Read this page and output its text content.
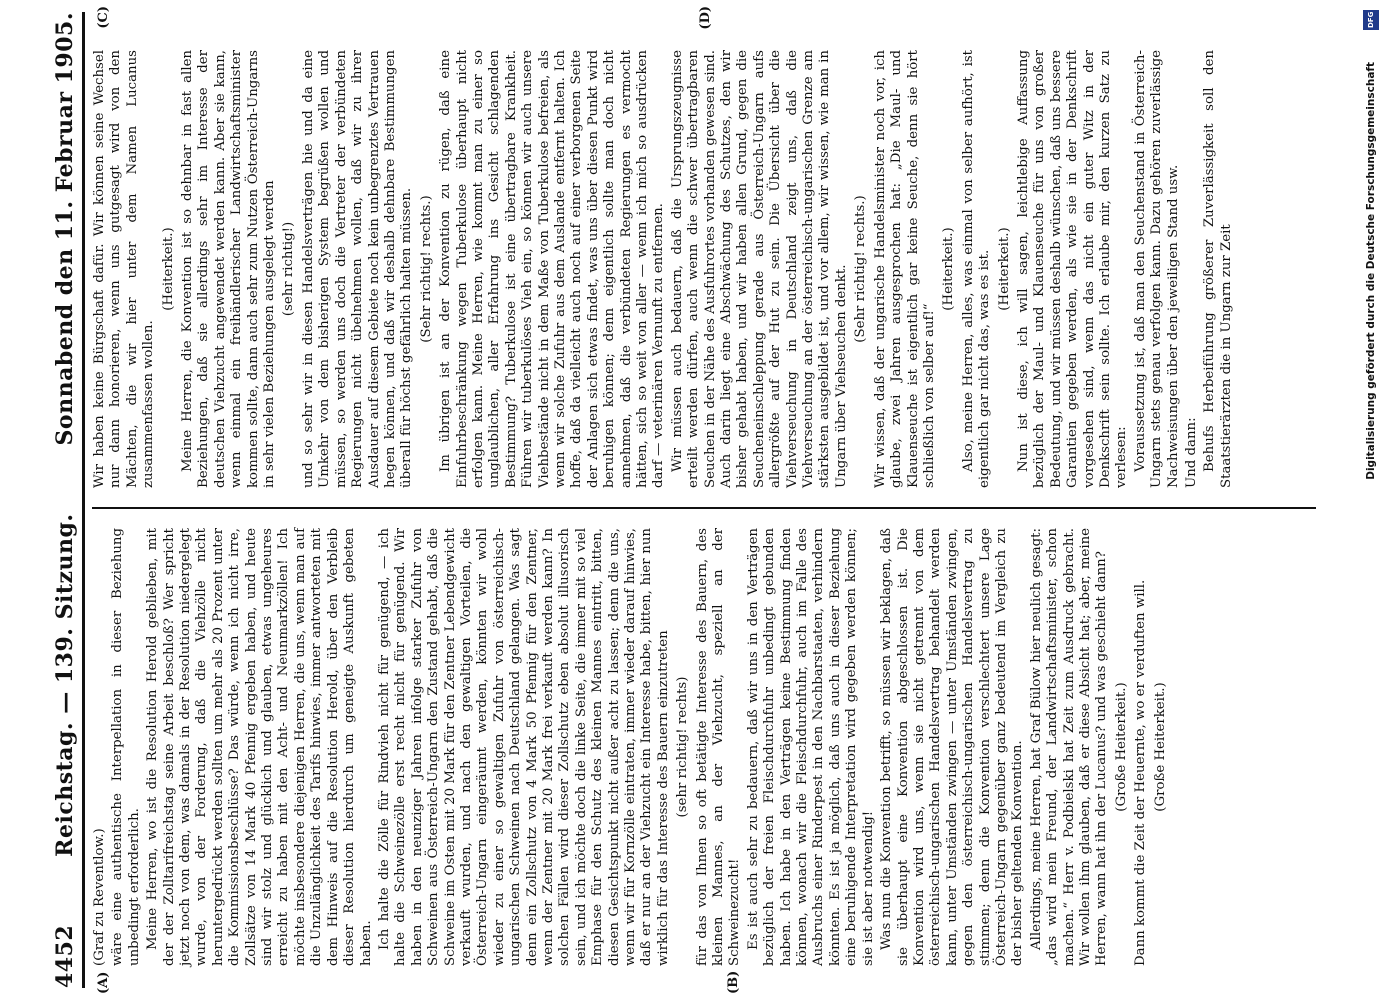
4452
Reichstag. — 139. Sitzung.
Sonnabend den 11. Februar 1905.
(A)	(B)
(C)	(D)

(Graf zu Reventlow.) wäre eine authentische Interpellation in dieser Beziehung unbedingt erforderlich. Meine Herren, wo ist die Resolution Herold geblieben, mit der der Zolltarifreichstag seine Arbeit beschloß? Wer spricht jetzt noch von dem, was damals in der Resolution niedergelegt wurde, von der Forderung, daß die Viehzölle nicht heruntergedrückt werden sollten um mehr als 20 Prozent unter die Kommissionsbeschlüsse? Das würde, wenn ich nicht irre, Zollsätze von 14 Mark 40 Pfennig ergeben haben, und heute sind wir stolz und glücklich und glauben, etwas ungeheures erreicht zu haben mit den Acht- und Neunmarkzöllen! Ich möchte insbesondere diejenigen Herren, die uns, wenn man auf die Unzulänglichkeit des Tarifs hinwies, immer antworteten mit dem Hinweis auf die Resolution Herold, über den Verbleib dieser Resolution hierdurch um geneigte Auskunft gebeten haben. Ich halte die Zölle für Rindvieh nicht für genügend, — ich halte die Schweinezölle erst recht nicht für genügend. Wir haben in den neunziger Jahren infolge starker Zufuhr von Schweinen aus Österreich-Ungarn den Zustand gehabt, daß die Schweine im Osten mit 20 Mark für den Zentner Lebendgewicht verkauft wurden, und nach den gewaltigen Vorteilen, die Österreich-Ungarn eingeräumt werden, könnten wir wohl wieder zu einer so gewaltigen Zufuhr von österreichisch-ungarischen Schweinen nach Deutschland gelangen. Was sagt denn ein Zollschutz von 4 Mark 50 Pfennig für den Zentner, wenn der Zentner mit 20 Mark frei verkauft werden kann? In solchen Fällen wird dieser Zollschutz eben absolut illusorisch sein, und ich möchte doch die linke Seite, die immer mit so viel Emphase für den Schutz des kleinen Mannes eintritt, bitten, diesen Gesichtspunkt nicht außer acht zu lassen; denn die uns, wenn wir für Kornzölle eintraten, immer wieder darauf hinwies, daß er nur an der Viehzucht ein Interesse habe, bitten, hier nun wirklich für das Interesse des Bauern einzutreten (sehr richtig! rechts) für das von Ihnen so oft betätigte Interesse des Bauern, des kleinen Mannes, an der Viehzucht, speziell an der Schweinezucht! Es ist auch sehr zu bedauern, daß wir uns in den Verträgen bezüglich der freien Fleischdurchfuhr unbedingt gebunden haben. Ich habe in den Verträgen keine Bestimmung finden können, wonach wir die Fleischdurchfuhr, auch im Falle des Ausbruchs einer Rinderpest in den Nachbarstaaten, verhindern könnten. Es ist ja möglich, daß uns auch in dieser Beziehung eine beruhigende Interpretation wird gegeben werden können; sie ist aber notwendig! Was nun die Konvention betrifft, so müssen wir beklagen, daß sie überhaupt eine Konvention abgeschlossen ist. Die Konvention wird uns, wenn sie nicht getrennt von dem österreichisch-ungarischen Handelsvertrag behandelt werden kann, unter Umständen zwingen — unter Umständen zwingen, gegen den österreichisch-ungarischen Handelsvertrag zu stimmen; denn die Konvention verschlechtert unsere Lage Österreich-Ungarn gegenüber ganz bedeutend im Vergleich zu der bisher geltenden Konvention. Allerdings, meine Herren, hat Graf Bülow hier neulich gesagt: „das wird mein Freund, der Landwirtschaftsminister, schon machen.“ Herr v. Podbielski hat Zeit zum Ausdruck gebracht. Wir wollen ihm glauben, daß er diese Absicht hat; aber, meine Herren, wann hat ihn der Lucanus? und was geschieht dann? (Große Heiterkeit.) Dann kommt die Zeit der Heuernte, wo er verduften will. (Große Heiterkeit.)

Wir haben keine Bürgschaft dafür. Wir können seine Wechsel nur dann honorieren, wenn uns gutgesagt wird von den Mächten, die wir hier unter dem Namen Lucanus zusammenfassen wollen.

(Heiterkeit.) Meine Herren, die Konvention ist so dehnbar in fast allen Beziehungen, daß sie allerdings sehr im Interesse der deutschen Viehzucht angewendet werden kann. Aber sie kann, wenn einmal ein freihändlerischer Landwirtschaftsminister kommen sollte, dann auch sehr zum Nutzen Österreich-Ungarns in sehr vielen Beziehungen ausgelegt werden (sehr richtig!) und so sehr wir in diesen Handelsverträgen hie und da eine Umkehr von dem bisherigen System begrüßen wollen und müssen, so werden uns doch die Vertreter der verbündeten Regierungen nicht übelnehmen wollen, daß wir zu ihrer Ausdauer auf diesem Gebiete noch kein unbegrenztes Vertrauen hegen können, und daß wir deshalb dehnbare Bestimmungen überall für höchst gefährlich halten müssen. (Sehr richtig! rechts.) Im übrigen ist an der Konvention zu rügen, daß eine Einfuhrbeschränkung wegen Tuberkulose überhaupt nicht erfolgen kann. Meine Herren, wie kommt man zu einer so unglaublichen, aller Erfahrung ins Gesicht schlagenden Bestimmung? Tuberkulose ist eine übertragbare Krankheit. Führen wir tuberkulöses Vieh ein, so können wir auch unsere Viehbestände nicht in dem Maße von Tuberkulose befreien, als wenn wir solche Zufuhr aus dem Auslande entfernt halten. Ich hoffe, daß da vielleicht auch noch auf einer verborgenen Seite der Anlagen sich etwas findet, was uns über diesen Punkt wird beruhigen können; denn eigentlich sollte man doch nicht annehmen, daß die verbündeten Regierungen es vermocht hätten, sich so weit von aller — wenn ich mich so ausdrücken darf — veterinären Vernunft zu entfernen. Wir müssen auch bedauern, daß die Ursprungszeugnisse erteilt werden dürfen, auch wenn die schwer übertragbaren Seuchen in der Nähe des Ausfuhrortes vorhanden gewesen sind. Auch darin liegt eine Abschwächung des Schutzes, den wir bisher gehabt haben, und wir haben allen Grund, gegen die Seucheneinschleppung gerade aus Österreich-Ungarn aufs allergrößte auf der Hut zu sein. Die Übersicht über die Viehverseuchung in Deutschland zeigt uns, daß die Viehverseuchung an der österreichisch-ungarischen Grenze am stärksten ausgebildet ist, und vor allem, wir wissen, wie man in Ungarn über Viehseuchen denkt. (Sehr richtig! rechts.) Wir wissen, daß der ungarische Handelsminister noch vor, ich glaube, zwei Jahren ausgesprochen hat: „Die Maul- und Klauenseuche ist eigentlich gar keine Seuche, denn sie hört schließlich von selber auf!“

(Heiterkeit.) Also, meine Herren, alles, was einmal von selber aufhört, ist eigentlich gar nicht das, was es ist. (Heiterkeit.) Nun ist diese, ich will sagen, leichtlebige Auffassung bezüglich der Maul- und Klauenseuche für uns von großer Bedeutung, und wir müssen deshalb wünschen, daß uns bessere Garantien gegeben werden, als wie sie in der Denkschrift vorgesehen sind, wenn das nicht ein guter Witz in der Denkschrift sein sollte. Ich erlaube mir, den kurzen Satz zu verlesen: Voraussetzung ist, daß man den Seuchenstand in Österreich-Ungarn stets genau verfolgen kann. Dazu gehören zuverlässige Nachweisungen über den jeweiligen Stand usw. Und dann: Behufs Herbeiführung größerer Zuverlässigkeit soll den Staatstierärzten die in Ungarn zur Zeit

DFG
Digitalisierung gefördert durch die Deutsche Forschungsgemeinschaft
